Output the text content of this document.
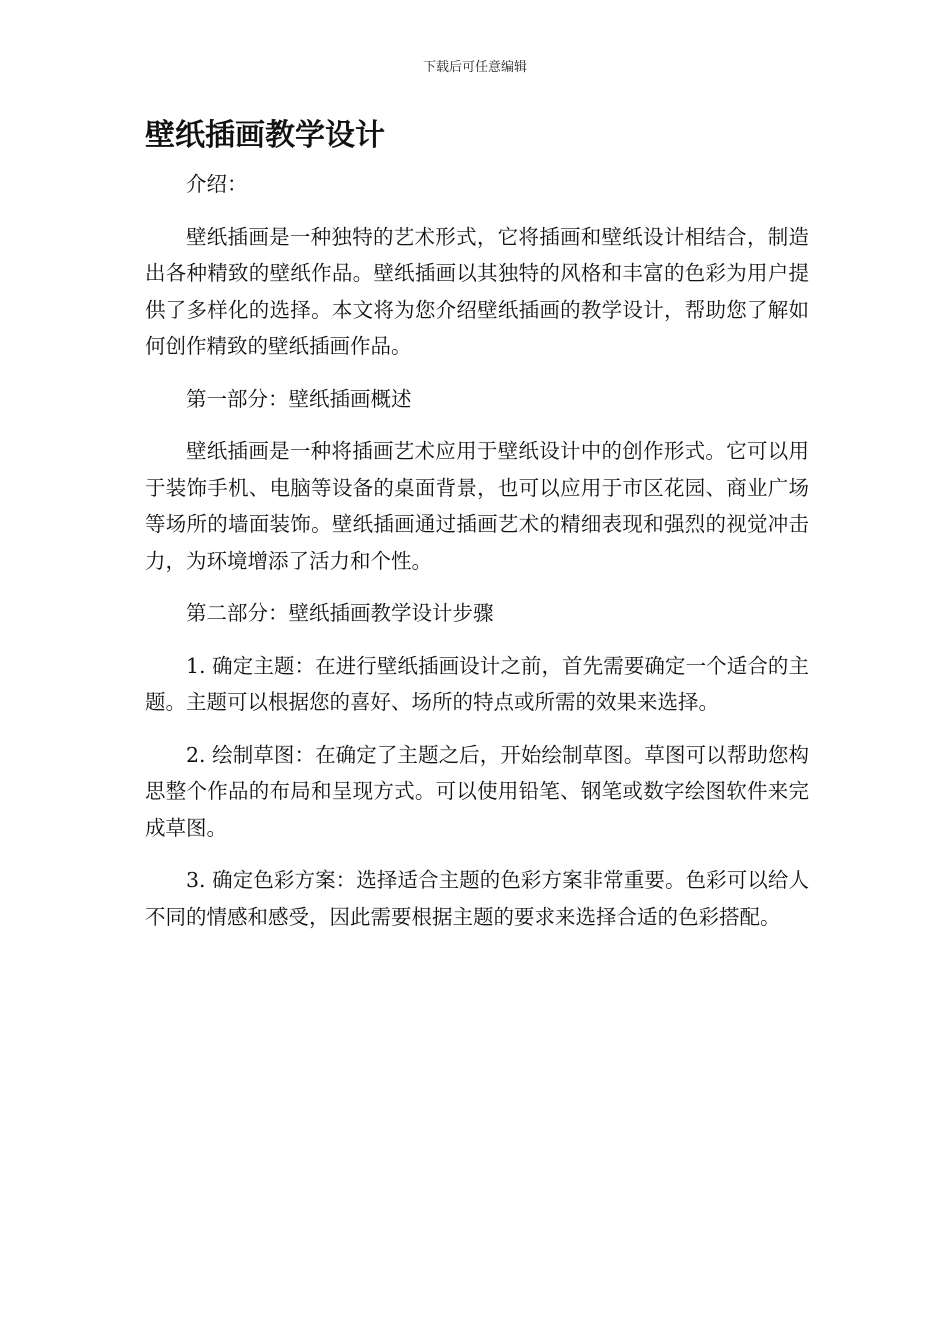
下载后可任意编辑
壁纸插画教学设计

介绍：

壁纸插画是一种独特的艺术形式，它将插画和壁纸设计相结合，制造出各种精致的壁纸作品。壁纸插画以其独特的风格和丰富的色彩为用户提供了多样化的选择。本文将为您介绍壁纸插画的教学设计，帮助您了解如何创作精致的壁纸插画作品。

第一部分：壁纸插画概述

壁纸插画是一种将插画艺术应用于壁纸设计中的创作形式。它可以用于装饰手机、电脑等设备的桌面背景，也可以应用于市区花园、商业广场等场所的墙面装饰。壁纸插画通过插画艺术的精细表现和强烈的视觉冲击力，为环境增添了活力和个性。

第二部分：壁纸插画教学设计步骤

1. 确定主题：在进行壁纸插画设计之前，首先需要确定一个适合的主题。主题可以根据您的喜好、场所的特点或所需的效果来选择。

2. 绘制草图：在确定了主题之后，开始绘制草图。草图可以帮助您构思整个作品的布局和呈现方式。可以使用铅笔、钢笔或数字绘图软件来完成草图。

3. 确定色彩方案：选择适合主题的色彩方案非常重要。色彩可以给人不同的情感和感受，因此需要根据主题的要求来选择合适的色彩搭配。
